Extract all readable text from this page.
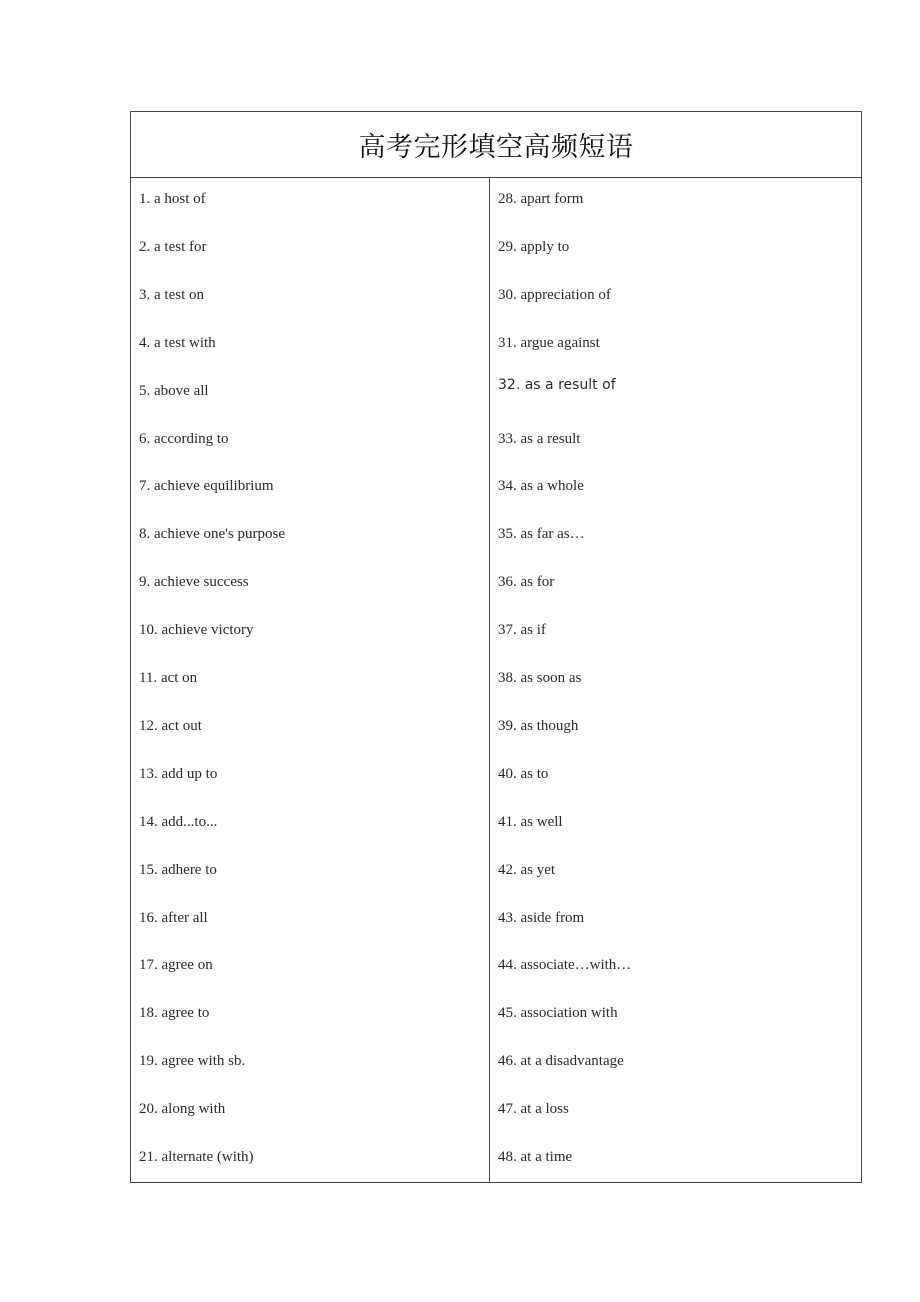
高考完形填空高频短语
1. a host of
2. a test for
3. a test on
4. a test with
5. above all
6. according to
7. achieve equilibrium
8. achieve one's purpose
9. achieve success
10. achieve victory
11. act on
12. act out
13. add up to
14. add...to...
15. adhere to
16. after all
17. agree on
18. agree to
19. agree with sb.
20. along with
21. alternate (with)
28. apart form
29. apply to
30. appreciation of
31. argue against
32. as a result of
33. as a result
34. as a whole
35. as far as…
36. as for
37. as if
38. as soon as
39. as though
40. as to
41. as well
42. as yet
43. aside from
44. associate…with…
45. association with
46. at a disadvantage
47. at a loss
48. at a time
